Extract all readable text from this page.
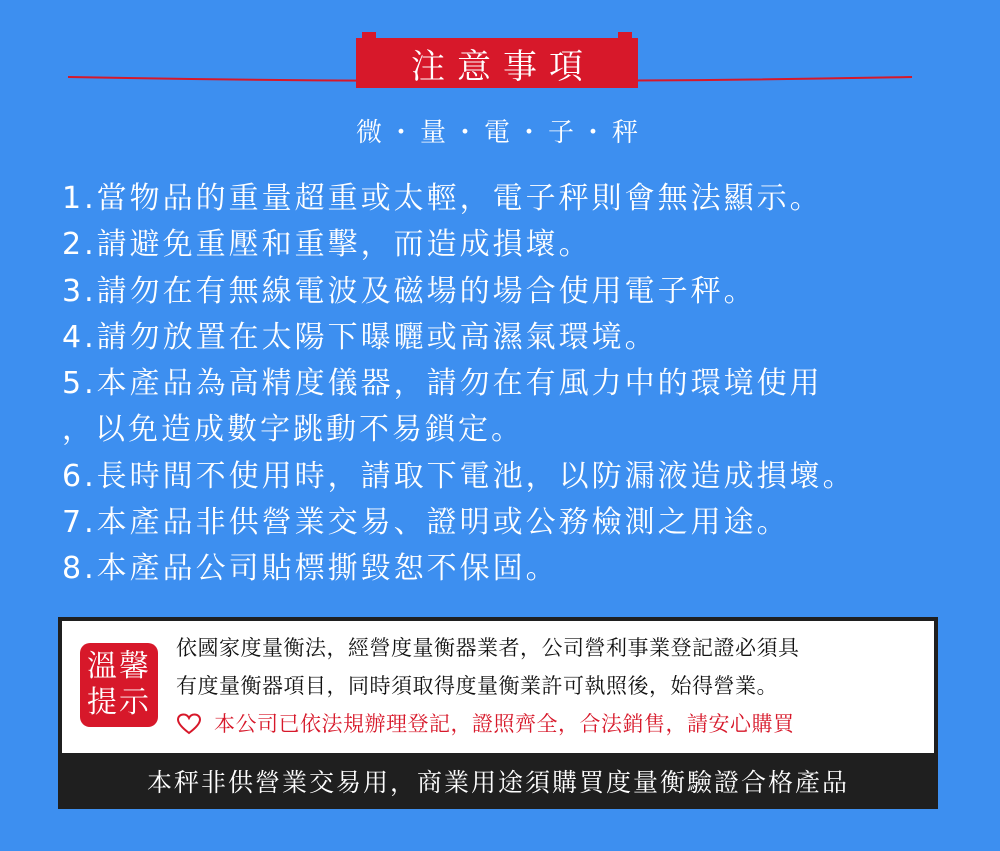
注意事項
微・量・電・子・秤
1.當物品的重量超重或太輕，電子秤則會無法顯示。
2.請避免重壓和重擊，而造成損壞。
3.請勿在有無線電波及磁場的場合使用電子秤。
4.請勿放置在太陽下曝曬或高濕氣環境。
5.本產品為高精度儀器，請勿在有風力中的環境使用
，以免造成數字跳動不易鎖定。
6.長時間不使用時，請取下電池，以防漏液造成損壞。
7.本產品非供營業交易、證明或公務檢測之用途。
8.本產品公司貼標撕毀恕不保固。
溫馨
提示
依國家度量衡法，經營度量衡器業者，公司營利事業登記證必須具
有度量衡器項目，同時須取得度量衡業許可執照後，始得營業。
本公司已依法規辦理登記，證照齊全，合法銷售，請安心購買
本秤非供營業交易用，商業用途須購買度量衡驗證合格產品
